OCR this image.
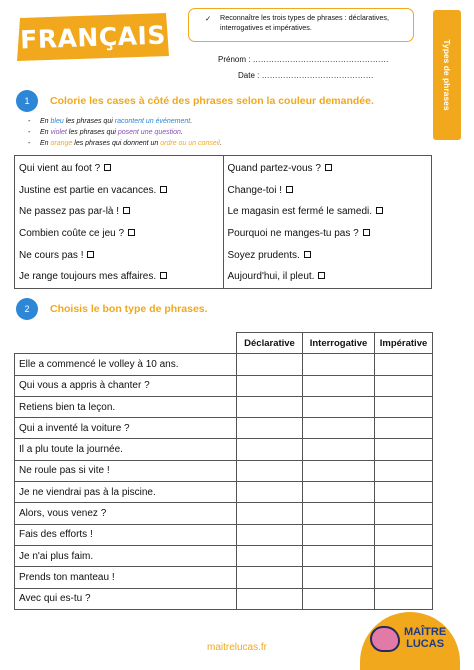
FRANÇAIS
✓	Reconnaître les trois types de phrases : déclaratives, interrogatives et impératives.
Types de phrases
Prénom : ……………………………………………
Date : ……………………………………
1	Colorie les cases à côté des phrases selon la couleur demandée.
- En bleu les phrases qui racontent un événement.
- En violet les phrases qui posent une question.
- En orange les phrases qui donnent un ordre ou un conseil.
Qui vient au foot ?
Justine est partie en vacances.
Ne passez pas par-là !
Combien coûte ce jeu ?
Ne cours pas !
Je range toujours mes affaires.
Quand partez-vous ?
Change-toi !
Le magasin est fermé le samedi.
Pourquoi ne manges-tu pas ?
Soyez prudents.
Aujourd'hui, il pleut.
2	Choisis le bon type de phrases.
	Déclarative	Interrogative	Impérative
Elle a commencé le volley à 10 ans.			
Qui vous a appris à chanter ?			
Retiens bien ta leçon.			
Qui a inventé la voiture ?			
Il a plu toute la journée.			
Ne roule pas si vite !			
Je ne viendrai pas à la piscine.			
Alors, vous venez ?			
Fais des efforts !			
Je n'ai plus faim.			
Prends ton manteau !			
Avec qui es-tu ?			
maitrelucas.fr
MAÎTRE
LUCAS
